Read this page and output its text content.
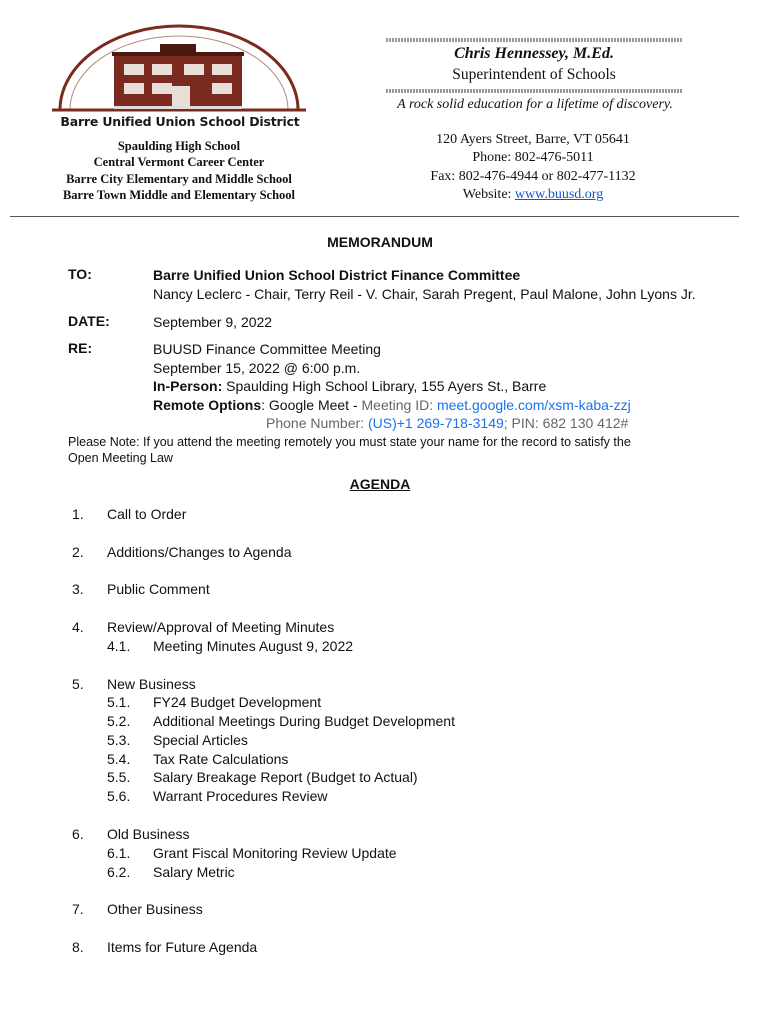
Barre Unified Union School District
Spaulding High School
Central Vermont Career Center
Barre City Elementary and Middle School
Barre Town Middle and Elementary School
Chris Hennessey, M.Ed.
Superintendent of Schools
A rock solid education for a lifetime of discovery.
120 Ayers Street, Barre, VT 05641
Phone: 802-476-5011
Fax: 802-476-4944 or 802-477-1132
Website: www.buusd.org
MEMORANDUM
TO:	Barre Unified Union School District Finance Committee
Nancy Leclerc - Chair, Terry Reil - V. Chair, Sarah Pregent, Paul Malone, John Lyons Jr.
DATE:	September 9, 2022
RE:	BUUSD Finance Committee Meeting
September 15, 2022 @ 6:00 p.m.
In-Person: Spaulding High School Library, 155 Ayers St., Barre
Remote Options: Google Meet - Meeting ID: meet.google.com/xsm-kaba-zzj
Phone Number: (US)+1 269-718-3149; PIN: 682 130 412#
Please Note: If you attend the meeting remotely you must state your name for the record to satisfy the
Open Meeting Law
AGENDA
1. Call to Order
2. Additions/Changes to Agenda
3. Public Comment
4. Review/Approval of Meeting Minutes
4.1. Meeting Minutes August 9, 2022
5. New Business
5.1. FY24 Budget Development
5.2. Additional Meetings During Budget Development
5.3. Special Articles
5.4. Tax Rate Calculations
5.5. Salary Breakage Report (Budget to Actual)
5.6. Warrant Procedures Review
6. Old Business
6.1. Grant Fiscal Monitoring Review Update
6.2. Salary Metric
7. Other Business
8. Items for Future Agenda
